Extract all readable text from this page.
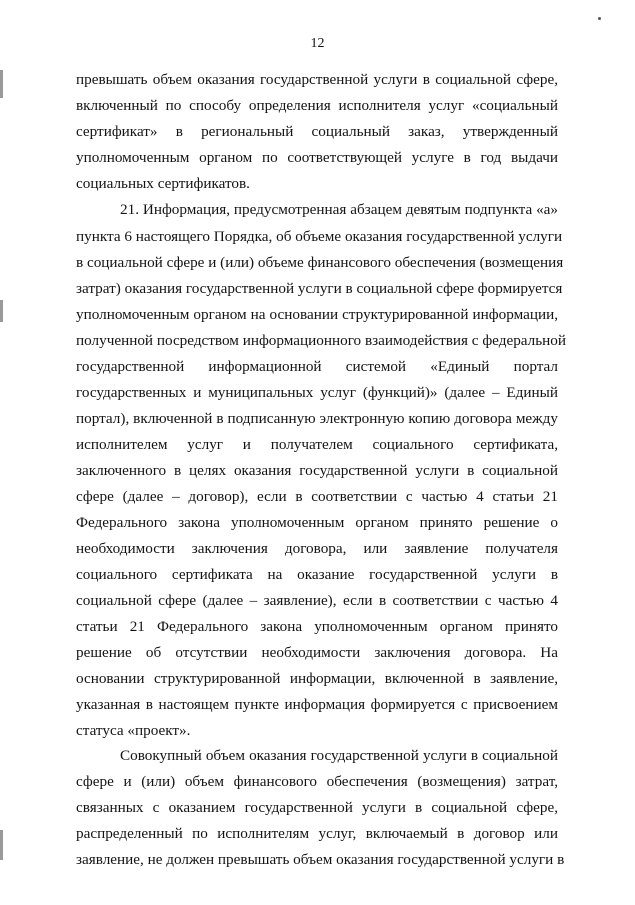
12
превышать объем оказания государственной услуги в социальной сфере,
включенный по способу определения исполнителя услуг «социальный
сертификат» в региональный социальный заказ, утвержденный
уполномоченным органом по соответствующей услуге в год выдачи
социальных сертификатов.
21. Информация, предусмотренная абзацем девятым подпункта «а»
пункта 6 настоящего Порядка, об объеме оказания государственной услуги
в социальной сфере и (или) объеме финансового обеспечения (возмещения
затрат) оказания государственной услуги в социальной сфере формируется
уполномоченным органом на основании структурированной информации,
полученной посредством информационного взаимодействия с федеральной
государственной информационной системой «Единый портал
государственных и муниципальных услуг (функций)» (далее – Единый
портал), включенной в подписанную электронную копию договора между
исполнителем услуг и получателем социального сертификата,
заключенного в целях оказания государственной услуги в социальной
сфере (далее – договор), если в соответствии с частью 4 статьи 21
Федерального закона уполномоченным органом принято решение о
необходимости заключения договора, или заявление получателя
социального сертификата на оказание государственной услуги в
социальной сфере (далее – заявление), если в соответствии с частью 4
статьи 21 Федерального закона уполномоченным органом принято
решение об отсутствии необходимости заключения договора. На
основании структурированной информации, включенной в заявление,
указанная в настоящем пункте информация формируется с присвоением
статуса «проект».
Совокупный объем оказания государственной услуги в социальной
сфере и (или) объем финансового обеспечения (возмещения) затрат,
связанных с оказанием государственной услуги в социальной сфере,
распределенный по исполнителям услуг, включаемый в договор или
заявление, не должен превышать объем оказания государственной услуги в
